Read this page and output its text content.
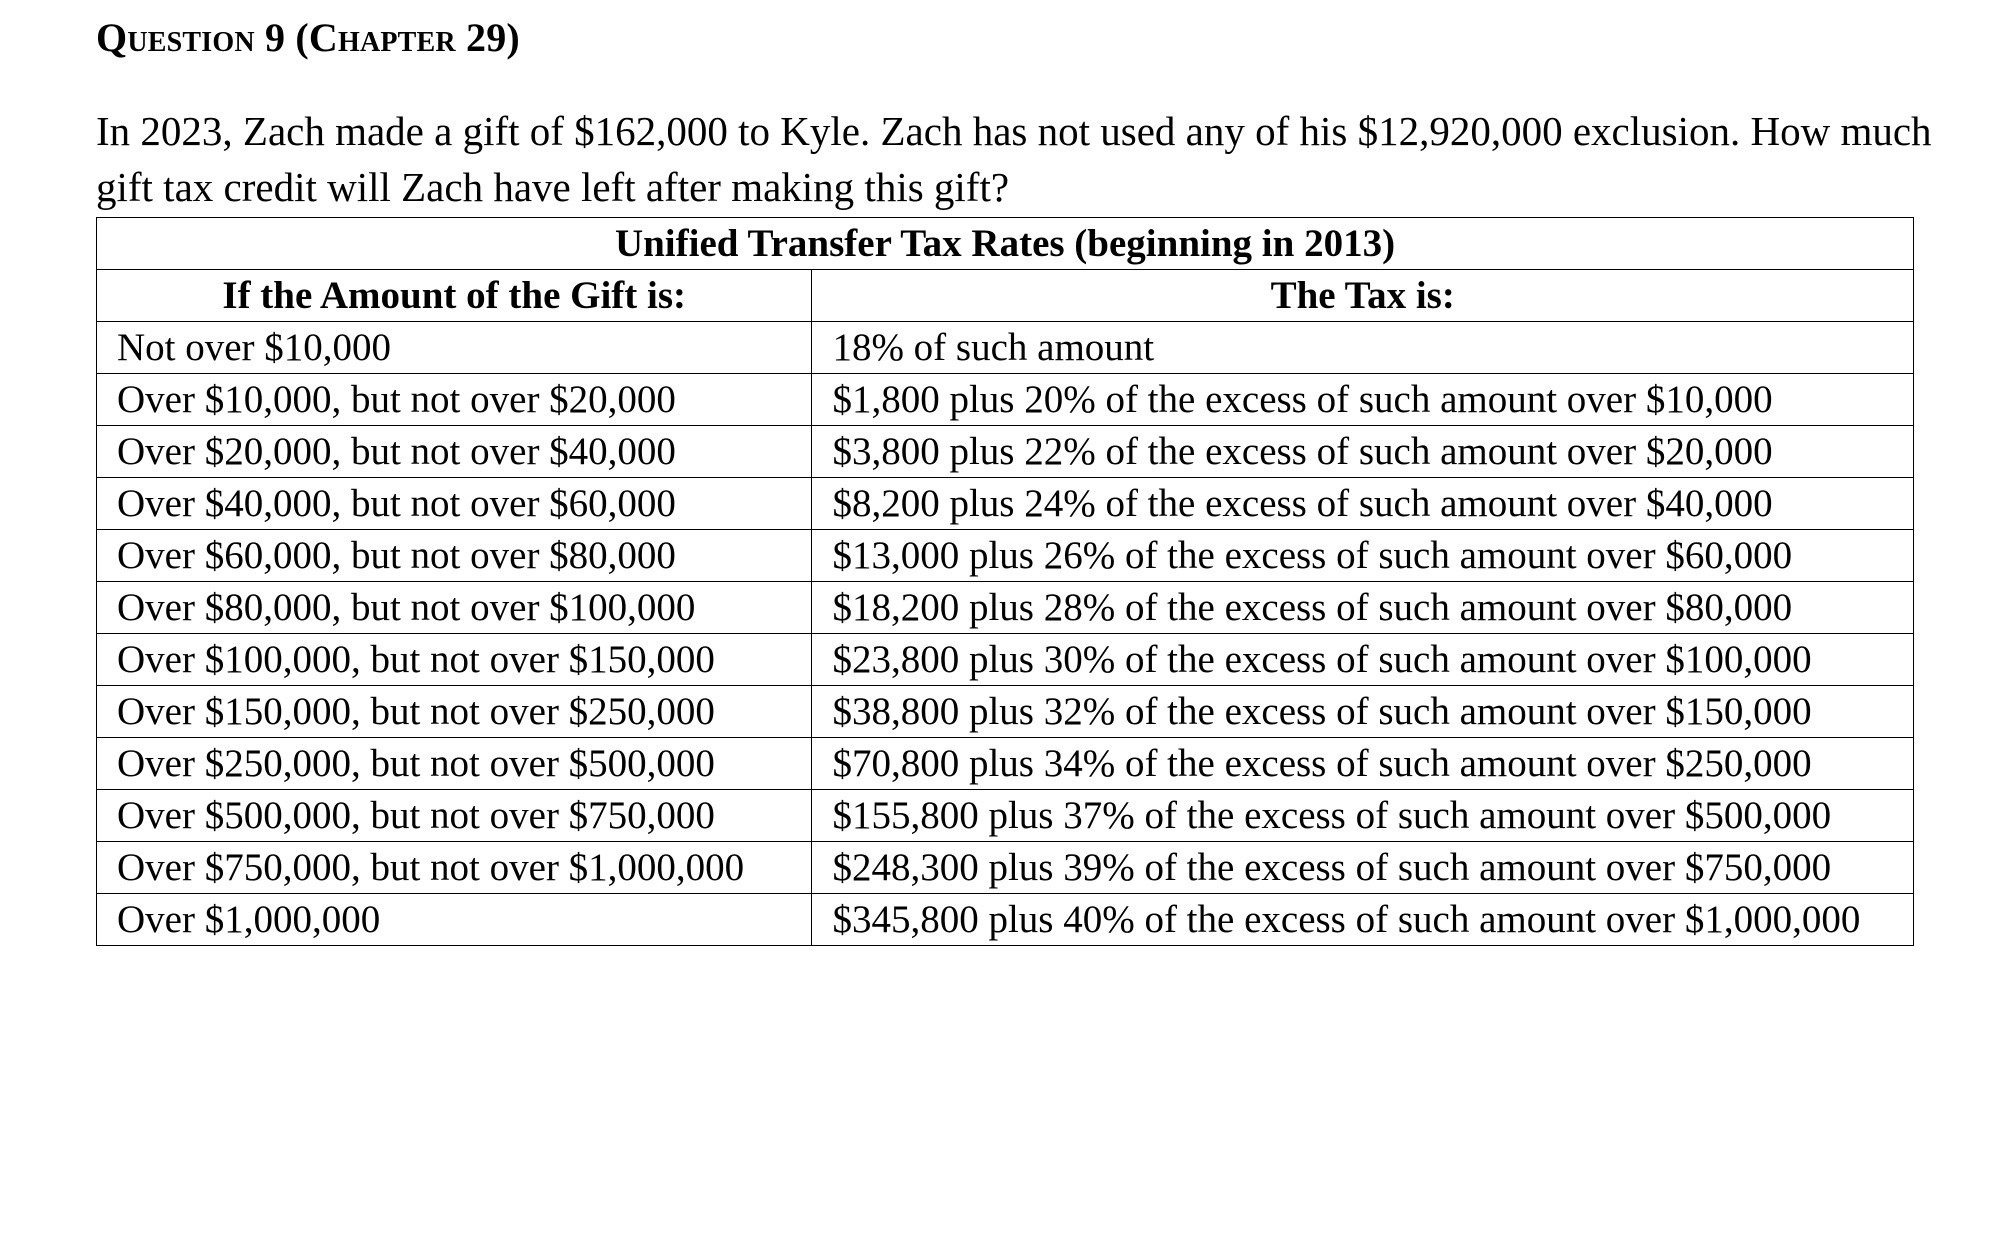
Question 9 (Chapter 29)
In 2023, Zach made a gift of $162,000 to Kyle. Zach has not used any of his $12,920,000 exclusion. How much gift tax credit will Zach have left after making this gift?
Unified Transfer Tax Rates (beginning in 2013)	
If the Amount of the Gift is:	The Tax is:
Not over $10,000	18% of such amount
Over $10,000, but not over $20,000	$1,800 plus 20% of the excess of such amount over $10,000
Over $20,000, but not over $40,000	$3,800 plus 22% of the excess of such amount over $20,000
Over $40,000, but not over $60,000	$8,200 plus 24% of the excess of such amount over $40,000
Over $60,000, but not over $80,000	$13,000 plus 26% of the excess of such amount over $60,000
Over $80,000, but not over $100,000	$18,200 plus 28% of the excess of such amount over $80,000
Over $100,000, but not over $150,000	$23,800 plus 30% of the excess of such amount over $100,000
Over $150,000, but not over $250,000	$38,800 plus 32% of the excess of such amount over $150,000
Over $250,000, but not over $500,000	$70,800 plus 34% of the excess of such amount over $250,000
Over $500,000, but not over $750,000	$155,800 plus 37% of the excess of such amount over $500,000
Over $750,000, but not over $1,000,000	$248,300 plus 39% of the excess of such amount over $750,000
Over $1,000,000	$345,800 plus 40% of the excess of such amount over $1,000,000
